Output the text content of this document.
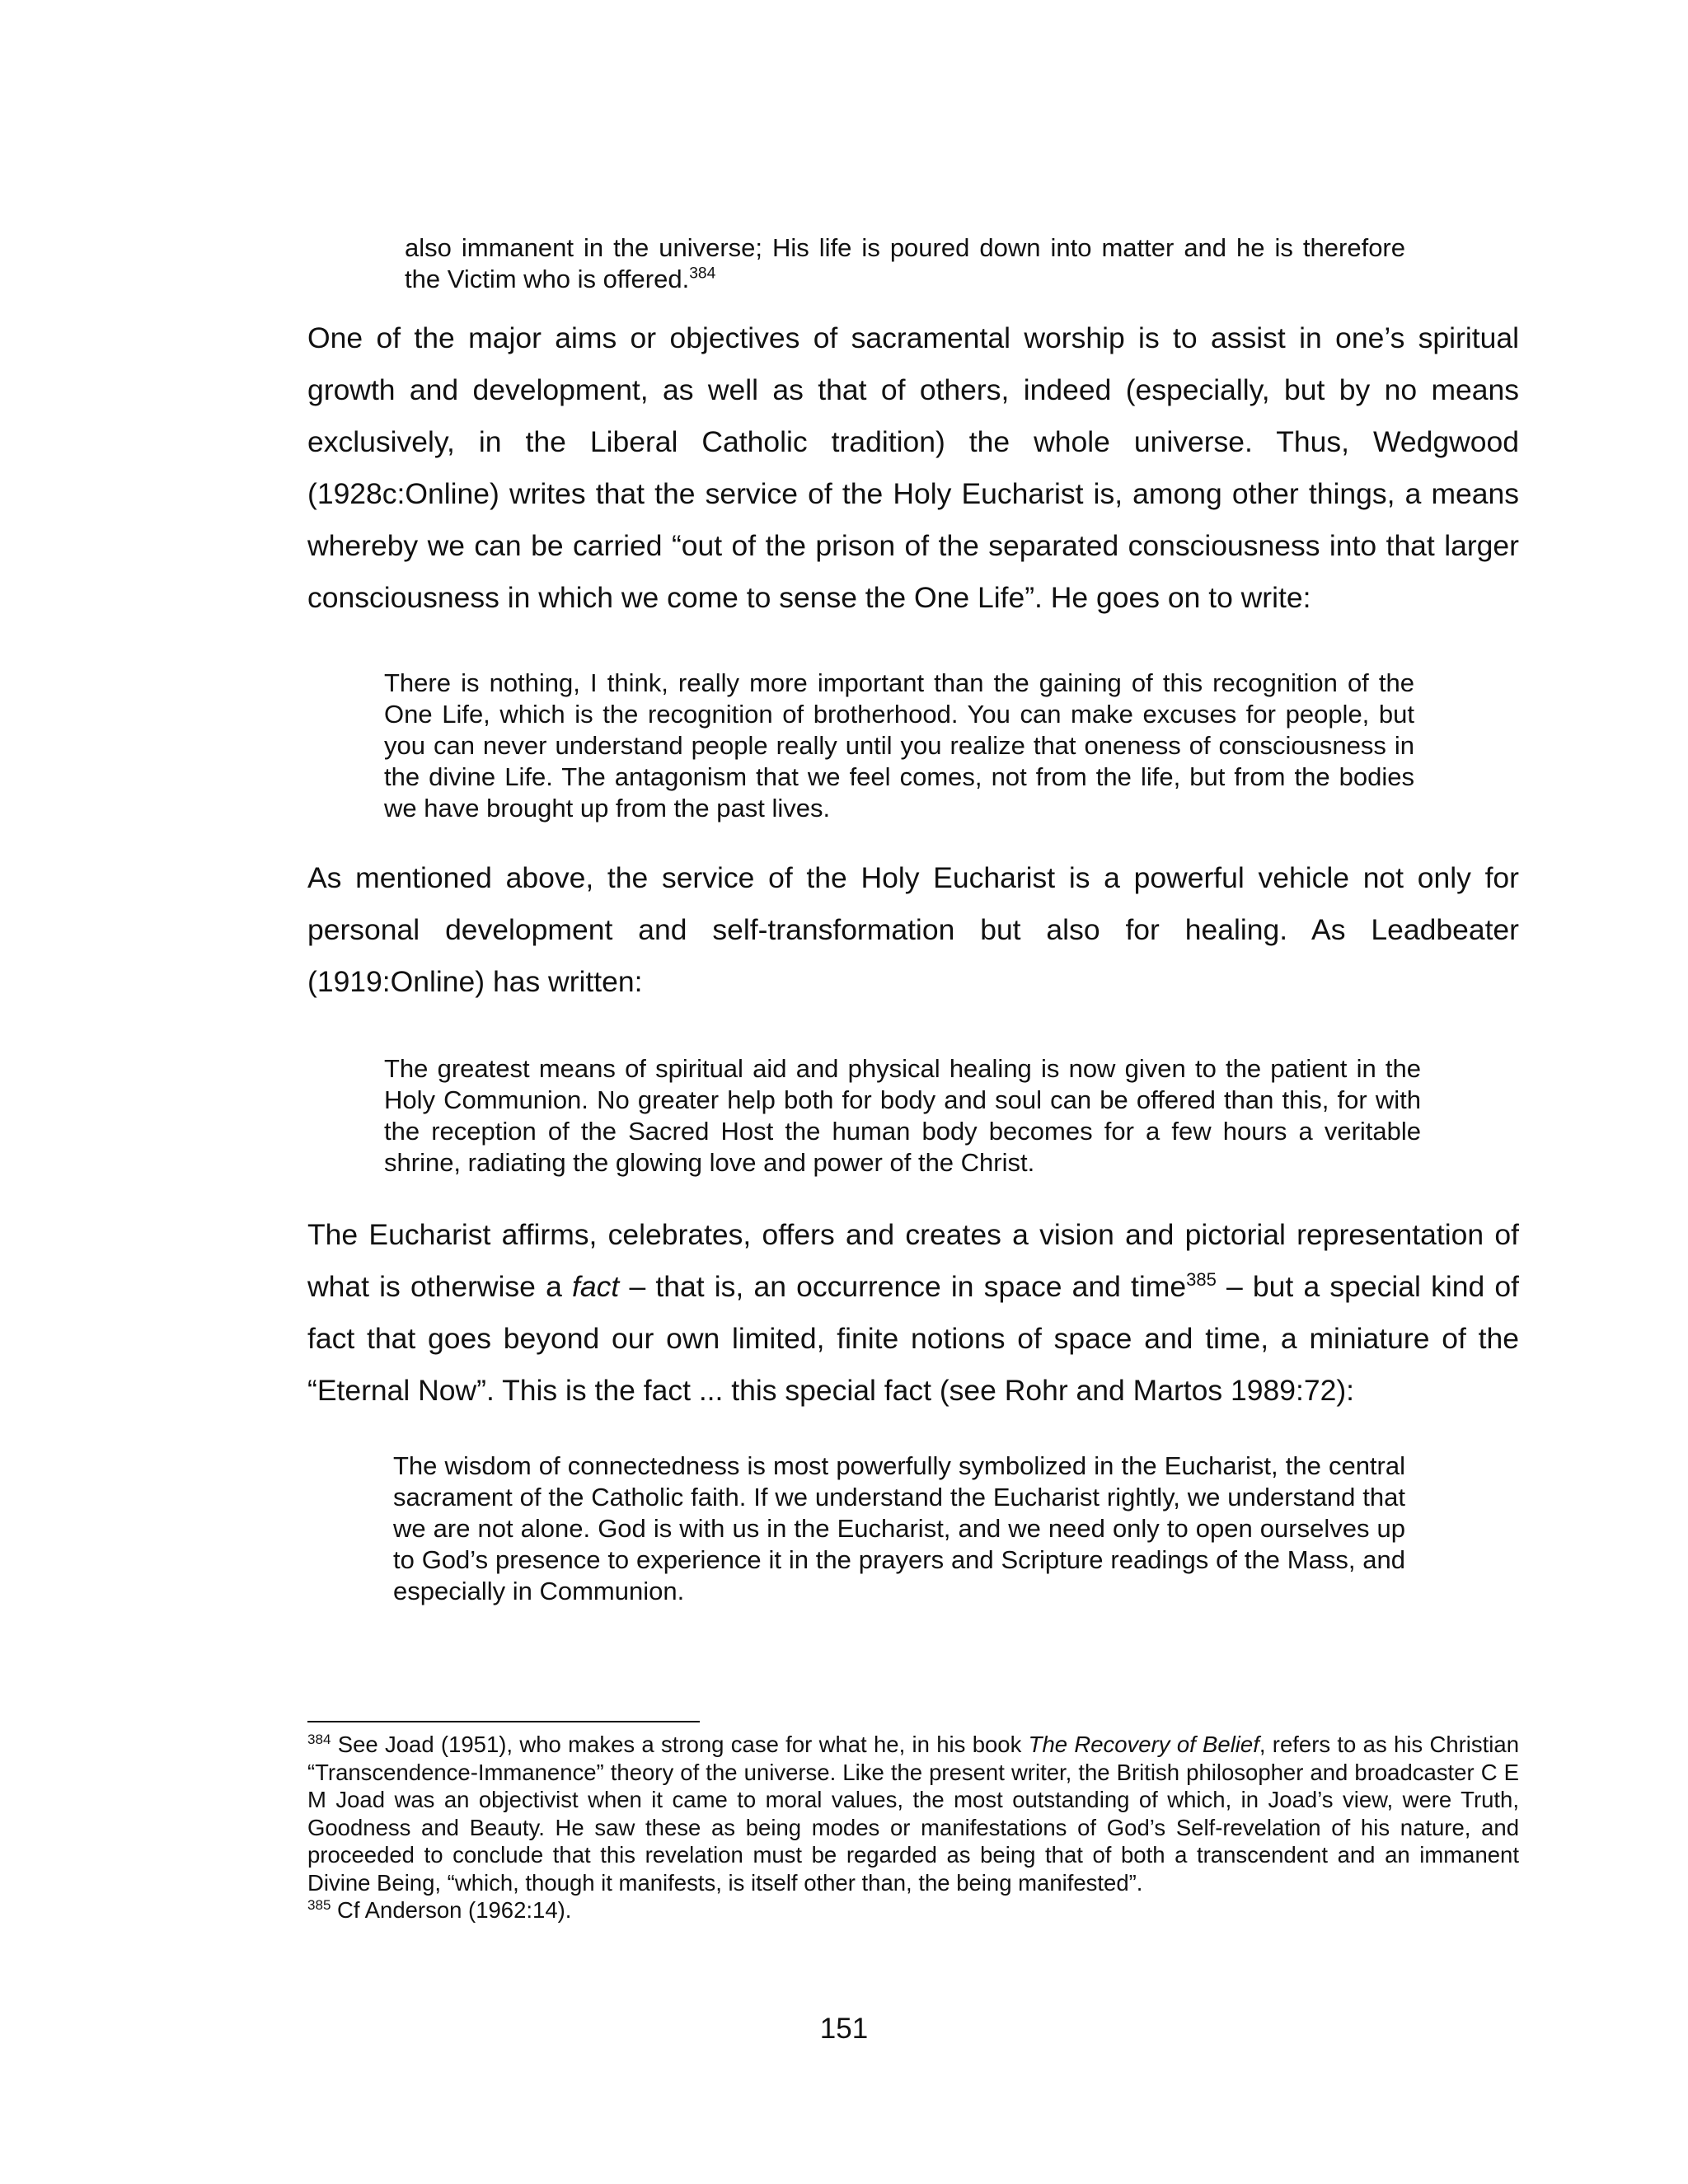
also immanent in the universe; His life is poured down into matter and he is therefore the Victim who is offered.$^{384}$

One of the major aims or objectives of sacramental worship is to assist in one’s spiritual growth and development, as well as that of others, indeed (especially, but by no means exclusively, in the Liberal Catholic tradition) the whole universe. Thus, Wedgwood (1928c:Online) writes that the service of the Holy Eucharist is, among other things, a means whereby we can be carried “out of the prison of the separated consciousness into that larger consciousness in which we come to sense the One Life”. He goes on to write:

There is nothing, I think, really more important than the gaining of this recognition of the One Life, which is the recognition of brotherhood. You can make excuses for people, but you can never understand people really until you realize that oneness of consciousness in the divine Life. The antagonism that we feel comes, not from the life, but from the bodies we have brought up from the past lives.

As mentioned above, the service of the Holy Eucharist is a powerful vehicle not only for personal development and self-transformation but also for healing. As Leadbeater (1919:Online) has written:

The greatest means of spiritual aid and physical healing is now given to the patient in the Holy Communion. No greater help both for body and soul can be offered than this, for with the reception of the Sacred Host the human body becomes for a few hours a veritable shrine, radiating the glowing love and power of the Christ.

The Eucharist affirms, celebrates, offers and creates a vision and pictorial representation of what is otherwise a fact – that is, an occurrence in space and time$^{385}$ – but a special kind of fact that goes beyond our own limited, finite notions of space and time, a miniature of the “Eternal Now”. This is the fact ... this special fact (see Rohr and Martos 1989:72):

The wisdom of connectedness is most powerfully symbolized in the Eucharist, the central sacrament of the Catholic faith. If we understand the Eucharist rightly, we understand that we are not alone. God is with us in the Eucharist, and we need only to open ourselves up to God’s presence to experience it in the prayers and Scripture readings of the Mass, and especially in Communion.

$^{384}$ See Joad (1951), who makes a strong case for what he, in his book The Recovery of Belief, refers to as his Christian “Transcendence-Immanence” theory of the universe. Like the present writer, the British philosopher and broadcaster C E M Joad was an objectivist when it came to moral values, the most outstanding of which, in Joad’s view, were Truth, Goodness and Beauty. He saw these as being modes or manifestations of God’s Self-revelation of his nature, and proceeded to conclude that this revelation must be regarded as being that of both a transcendent and an immanent Divine Being, “which, though it manifests, is itself other than, the being manifested”.

$^{385}$ Cf Anderson (1962:14).

151
